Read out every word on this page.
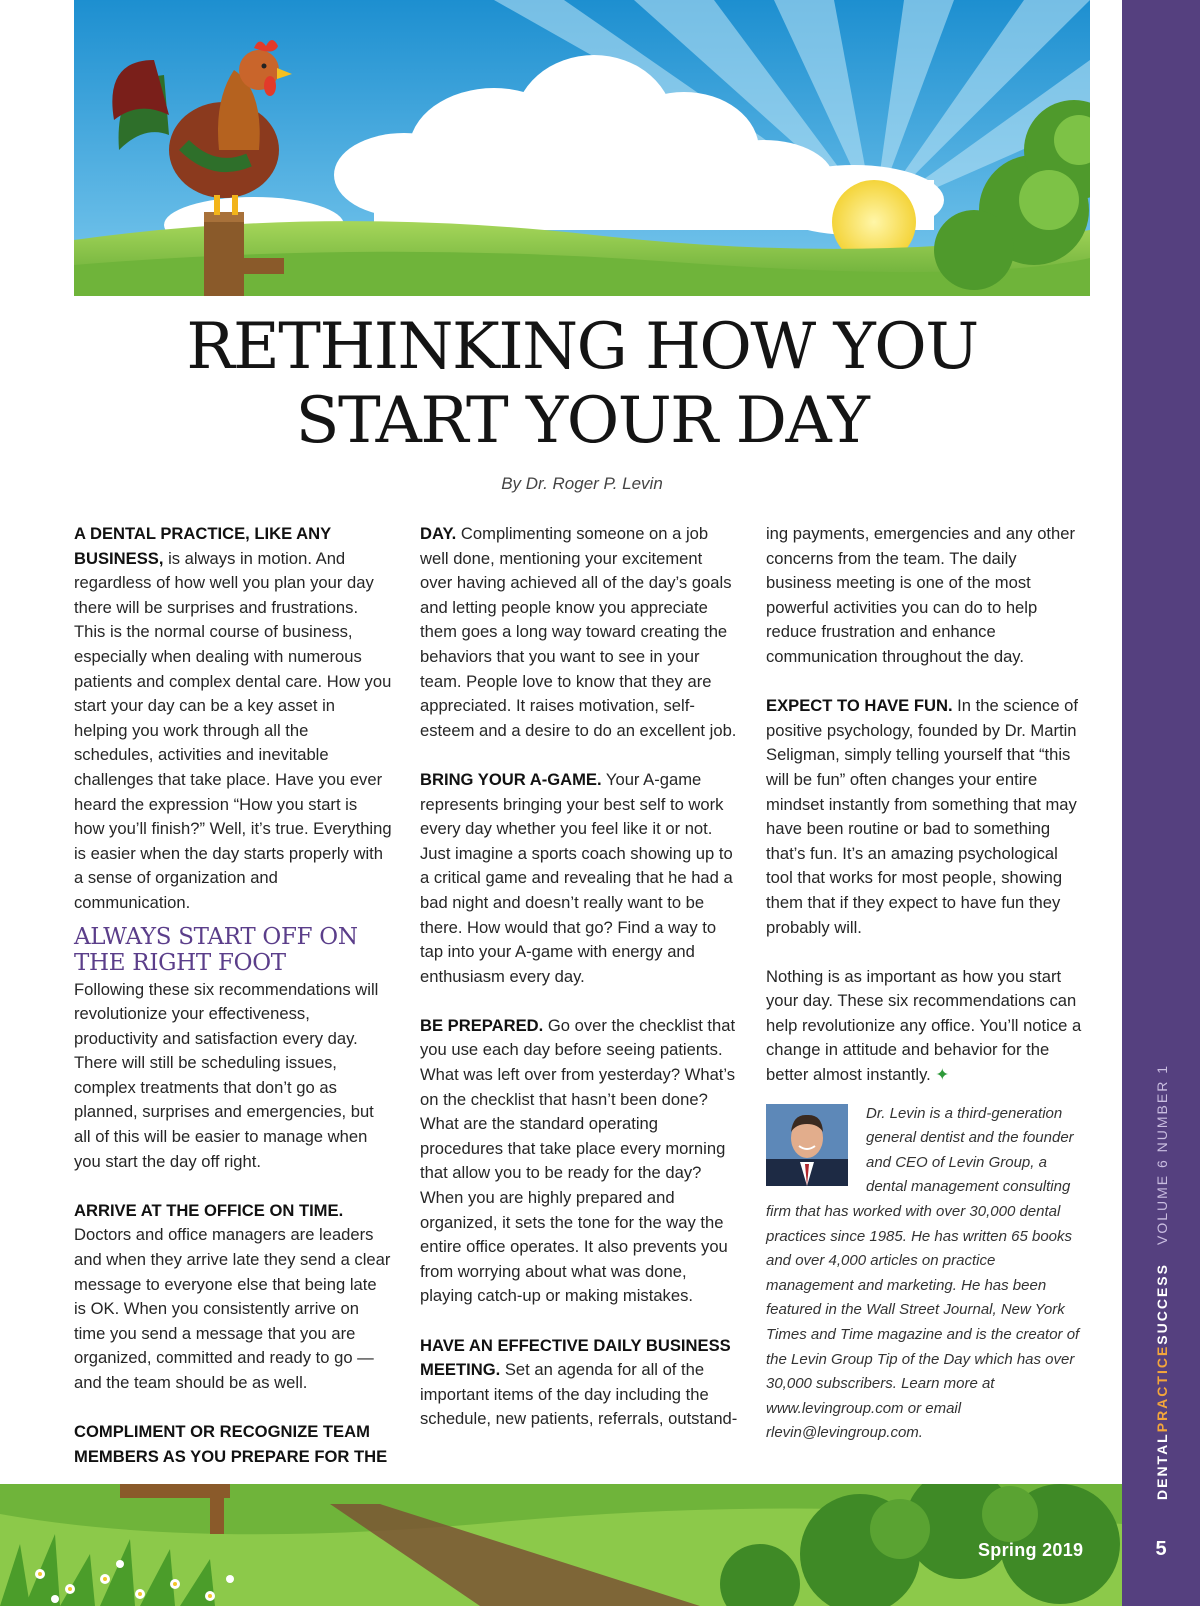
RETHINKING HOW YOU START YOUR DAY
By Dr. Roger P. Levin

A DENTAL PRACTICE, LIKE ANY BUSINESS, is always in motion. And regardless of how well you plan your day there will be surprises and frustrations. This is the normal course of business, especially when dealing with numerous patients and complex dental care. How you start your day can be a key asset in helping you work through all the schedules, activities and inevitable challenges that take place. Have you ever heard the expression “How you start is how you’ll finish?” Well, it’s true. Everything is easier when the day starts properly with a sense of organization and communication.

ALWAYS START OFF ON THE RIGHT FOOT

Following these six recommendations will revolutionize your effectiveness, productivity and satisfaction every day. There will still be scheduling issues, complex treatments that don’t go as planned, surprises and emergencies, but all of this will be easier to manage when you start the day off right.

ARRIVE AT THE OFFICE ON TIME. Doctors and office managers are leaders and when they arrive late they send a clear message to everyone else that being late is OK. When you consistently arrive on time you send a message that you are organized, committed and ready to go — and the team should be as well.

COMPLIMENT OR RECOGNIZE TEAM MEMBERS AS YOU PREPARE FOR THE

DAY. Complimenting someone on a job well done, mentioning your excitement over having achieved all of the day’s goals and letting people know you appreciate them goes a long way toward creating the behaviors that you want to see in your team. People love to know that they are appreciated. It raises motivation, self-esteem and a desire to do an excellent job.

BRING YOUR A-GAME. Your A-game represents bringing your best self to work every day whether you feel like it or not. Just imagine a sports coach showing up to a critical game and revealing that he had a bad night and doesn’t really want to be there. How would that go? Find a way to tap into your A-game with energy and enthusiasm every day.

BE PREPARED. Go over the checklist that you use each day before seeing patients. What was left over from yesterday? What’s on the checklist that hasn’t been done? What are the standard operating procedures that take place every morning that allow you to be ready for the day? When you are highly prepared and organized, it sets the tone for the way the entire office operates. It also prevents you from worrying about what was done, playing catch-up or making mistakes.

HAVE AN EFFECTIVE DAILY BUSINESS MEETING. Set an agenda for all of the important items of the day including the schedule, new patients, referrals, outstand-

ing payments, emergencies and any other concerns from the team. The daily business meeting is one of the most powerful activities you can do to help reduce frustration and enhance communication throughout the day.

EXPECT TO HAVE FUN. In the science of positive psychology, founded by Dr. Martin Seligman, simply telling yourself that “this will be fun” often changes your entire mindset instantly from something that may have been routine or bad to something that’s fun. It’s an amazing psychological tool that works for most people, showing them that if they expect to have fun they probably will.

Nothing is as important as how you start your day. These six recommendations can help revolutionize any office. You’ll notice a change in attitude and behavior for the better almost instantly. ✦

Dr. Levin is a third-generation general dentist and the founder and CEO of Levin Group, a dental management consulting firm that has worked with over 30,000 dental practices since 1985. He has written 65 books and over 4,000 articles on practice management and marketing. He has been featured in the Wall Street Journal, New York Times and Time magazine and is the creator of the Levin Group Tip of the Day which has over 30,000 subscribers. Learn more at www.levingroup.com or email rlevin@levingroup.com.
Spring 2019
DENTALPRACTICESUCCESSVOLUME 6 NUMBER 1
5
